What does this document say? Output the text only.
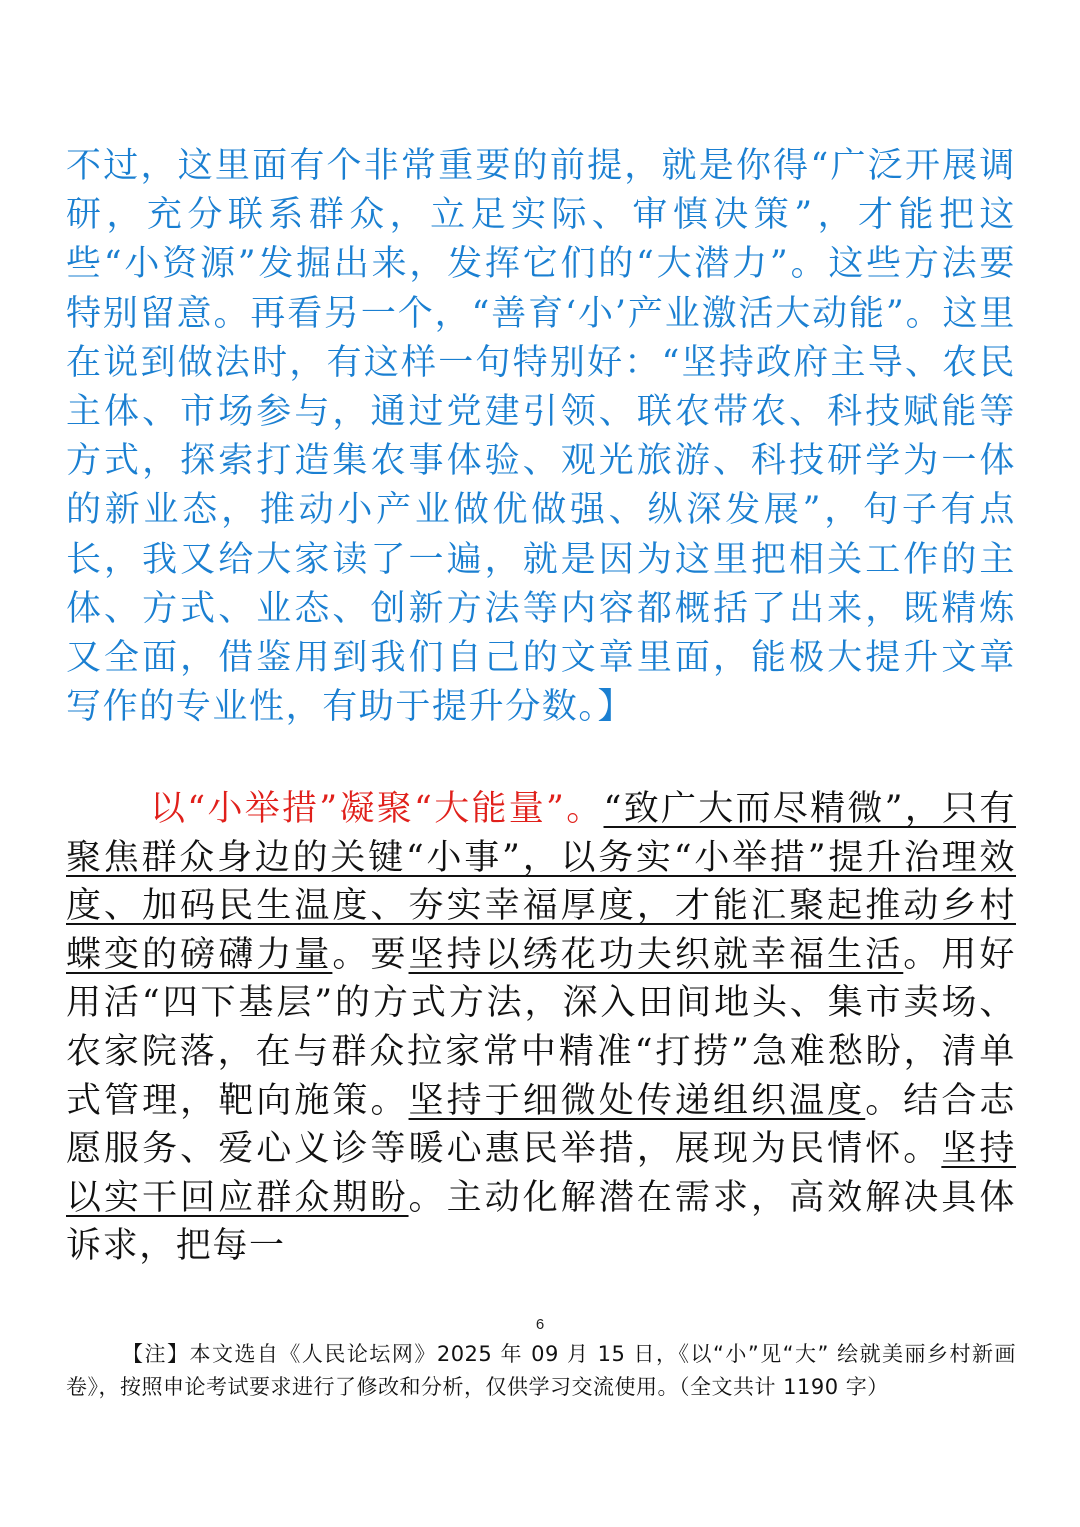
不过，这里面有个非常重要的前提，就是你得“广泛开展调研，充分联系群众，立足实际、审慎决策”，才能把这些“小资源”发掘出来，发挥它们的“大潜力”。这些方法要特别留意。再看另一个，“善育‘小’产业激活大动能”。这里在说到做法时，有这样一句特别好：“坚持政府主导、农民主体、市场参与，通过党建引领、联农带农、科技赋能等方式，探索打造集农事体验、观光旅游、科技研学为一体的新业态，推动小产业做优做强、纵深发展”，句子有点长，我又给大家读了一遍，就是因为这里把相关工作的主体、方式、业态、创新方法等内容都概括了出来，既精炼又全面，借鉴用到我们自己的文章里面，能极大提升文章写作的专业性，有助于提升分数。】
以“小举措”凝聚“大能量”。“致广大而尽精微”，只有聚焦群众身边的关键“小事”，以务实“小举措”提升治理效度、加码民生温度、夯实幸福厚度，才能汇聚起推动乡村蝶变的磅礴力量。要坚持以绣花功夫织就幸福生活。用好用活“四下基层”的方式方法，深入田间地头、集市卖场、农家院落，在与群众拉家常中精准“打捞”急难愁盼，清单式管理，靶向施策。坚持于细微处传递组织温度。结合志愿服务、爱心义诊等暖心惠民举措，展现为民情怀。坚持以实干回应群众期盼。主动化解潜在需求，高效解决具体诉求，把每一
6
【注】本文选自《人民论坛网》2025 年 09 月 15 日，《以“小”见“大” 绘就美丽乡村新画卷》，按照申论考试要求进行了修改和分析，仅供学习交流使用。（全文共计 1190 字）
